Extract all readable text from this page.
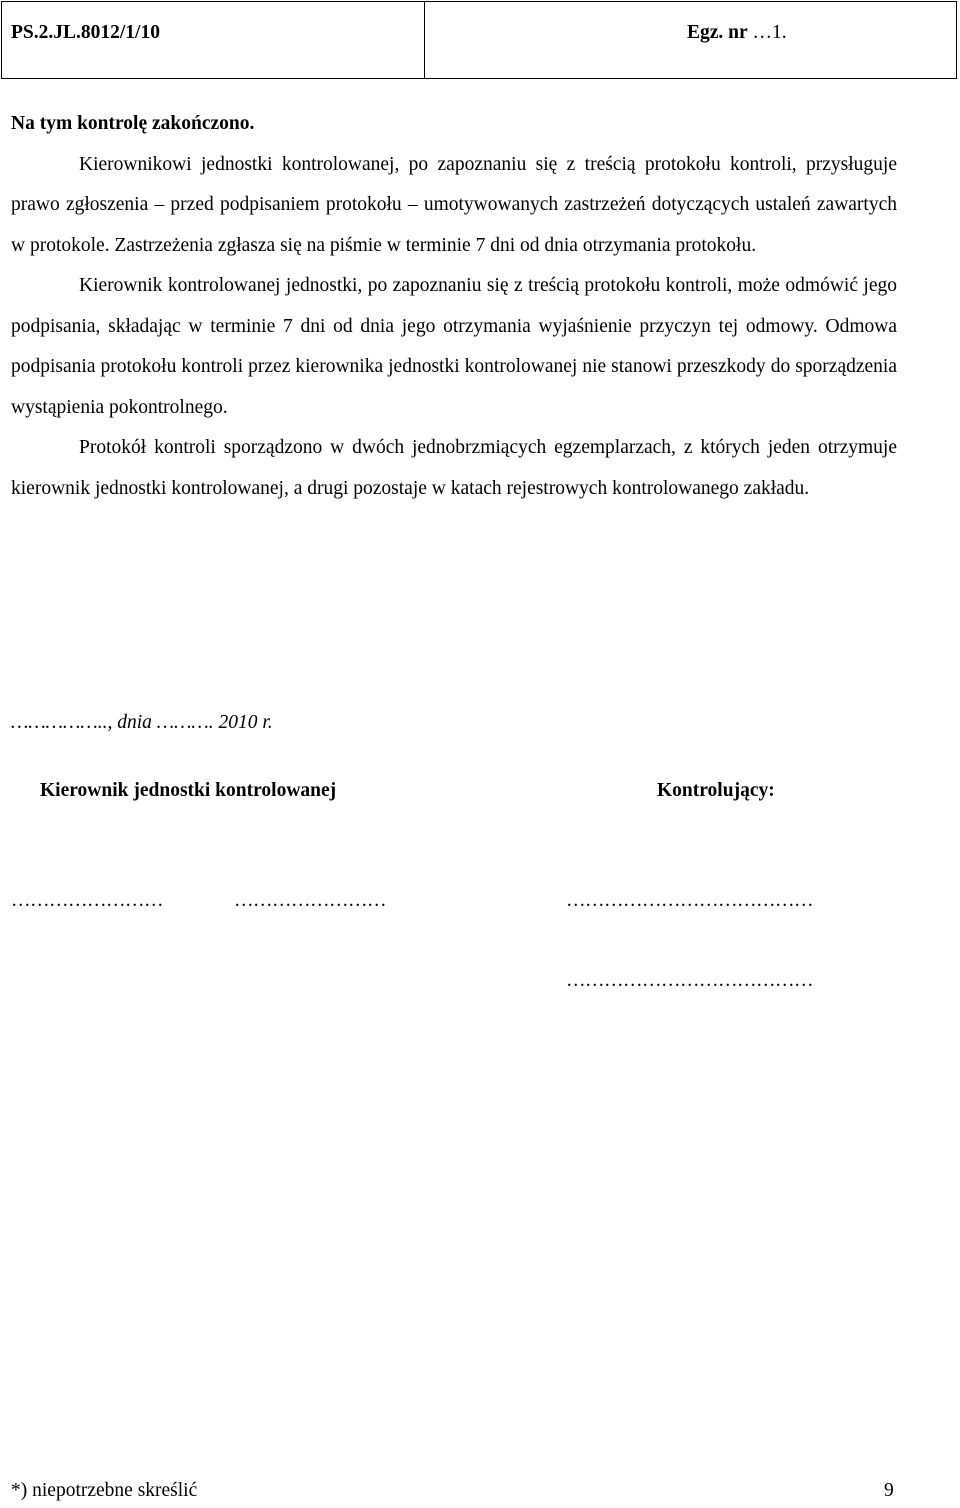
PS.2.JL.8012/1/10	Egz. nr …1.

Na tym kontrolę zakończono.

Kierownikowi jednostki kontrolowanej, po zapoznaniu się z treścią protokołu kontroli, przysługuje prawo zgłoszenia – przed podpisaniem protokołu – umotywowanych zastrzeżeń dotyczących ustaleń zawartych w protokole. Zastrzeżenia zgłasza się na piśmie w terminie 7 dni od dnia otrzymania protokołu.

Kierownik kontrolowanej jednostki, po zapoznaniu się z treścią protokołu kontroli, może odmówić jego podpisania, składając w terminie 7 dni od dnia jego otrzymania wyjaśnienie przyczyn tej odmowy. Odmowa podpisania protokołu kontroli przez kierownika jednostki kontrolowanej nie stanowi przeszkody do sporządzenia wystąpienia pokontrolnego.

Protokół kontroli sporządzono w dwóch jednobrzmiących egzemplarzach, z których jeden otrzymuje kierownik jednostki kontrolowanej, a drugi pozostaje w katach rejestrowych kontrolowanego zakładu.

…………….., dnia ………. 2010 r.
Kierownik jednostki kontrolowanej	Kontrolujący:
……………………	……………………	…………………………………
…………………………………
*) niepotrzebne skreślić	9
